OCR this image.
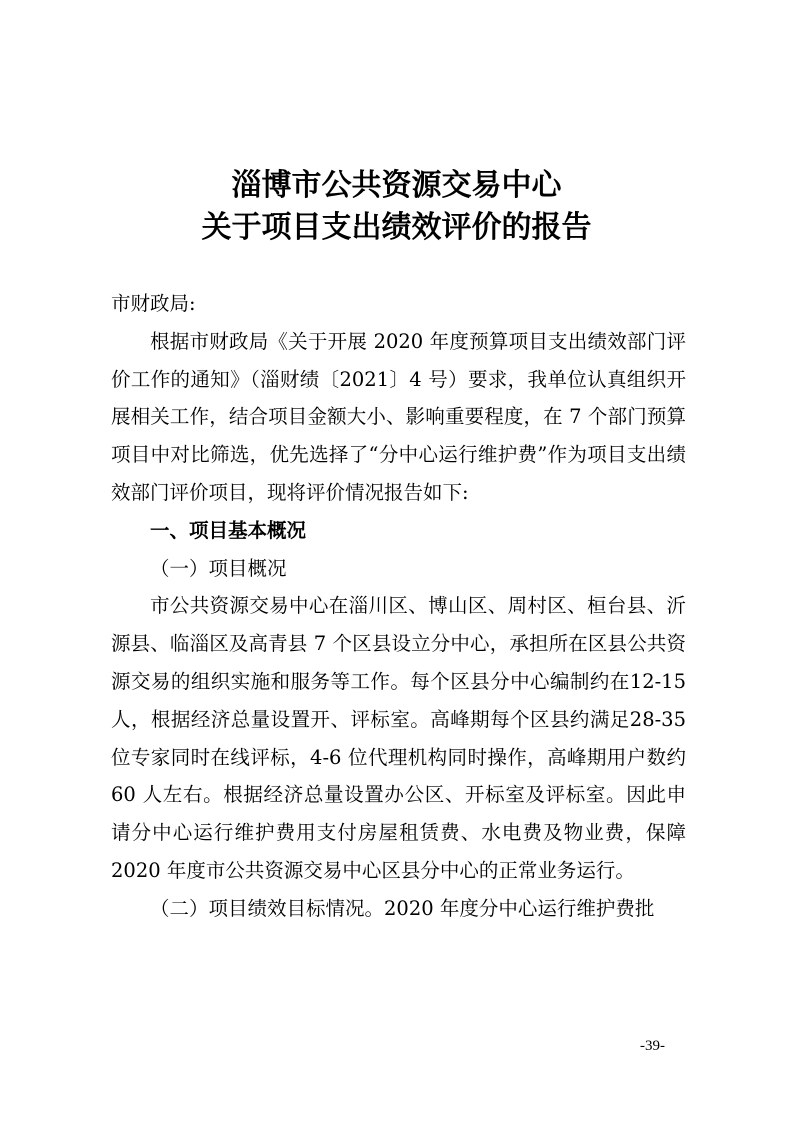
淄博市公共资源交易中心
关于项目支出绩效评价的报告

市财政局:

根据市财政局《关于开展 2020 年度预算项目支出绩效部门评价工作的通知》（淄财绩〔2021〕4 号）要求，我单位认真组织开展相关工作，结合项目金额大小、影响重要程度，在 7 个部门预算项目中对比筛选，优先选择了“分中心运行维护费”作为项目支出绩效部门评价项目，现将评价情况报告如下:

一、项目基本概况

（一）项目概况

市公共资源交易中心在淄川区、博山区、周村区、桓台县、沂源县、临淄区及高青县 7 个区县设立分中心，承担所在区县公共资源交易的组织实施和服务等工作。每个区县分中心编制约在12-15人，根据经济总量设置开、评标室。高峰期每个区县约满足28-35 位专家同时在线评标，4-6 位代理机构同时操作，高峰期用户数约 60 人左右。根据经济总量设置办公区、开标室及评标室。因此申请分中心运行维护费用支付房屋租赁费、水电费及物业费，保障 2020 年度市公共资源交易中心区县分中心的正常业务运行。

（二）项目绩效目标情况。2020 年度分中心运行维护费批

-39-
